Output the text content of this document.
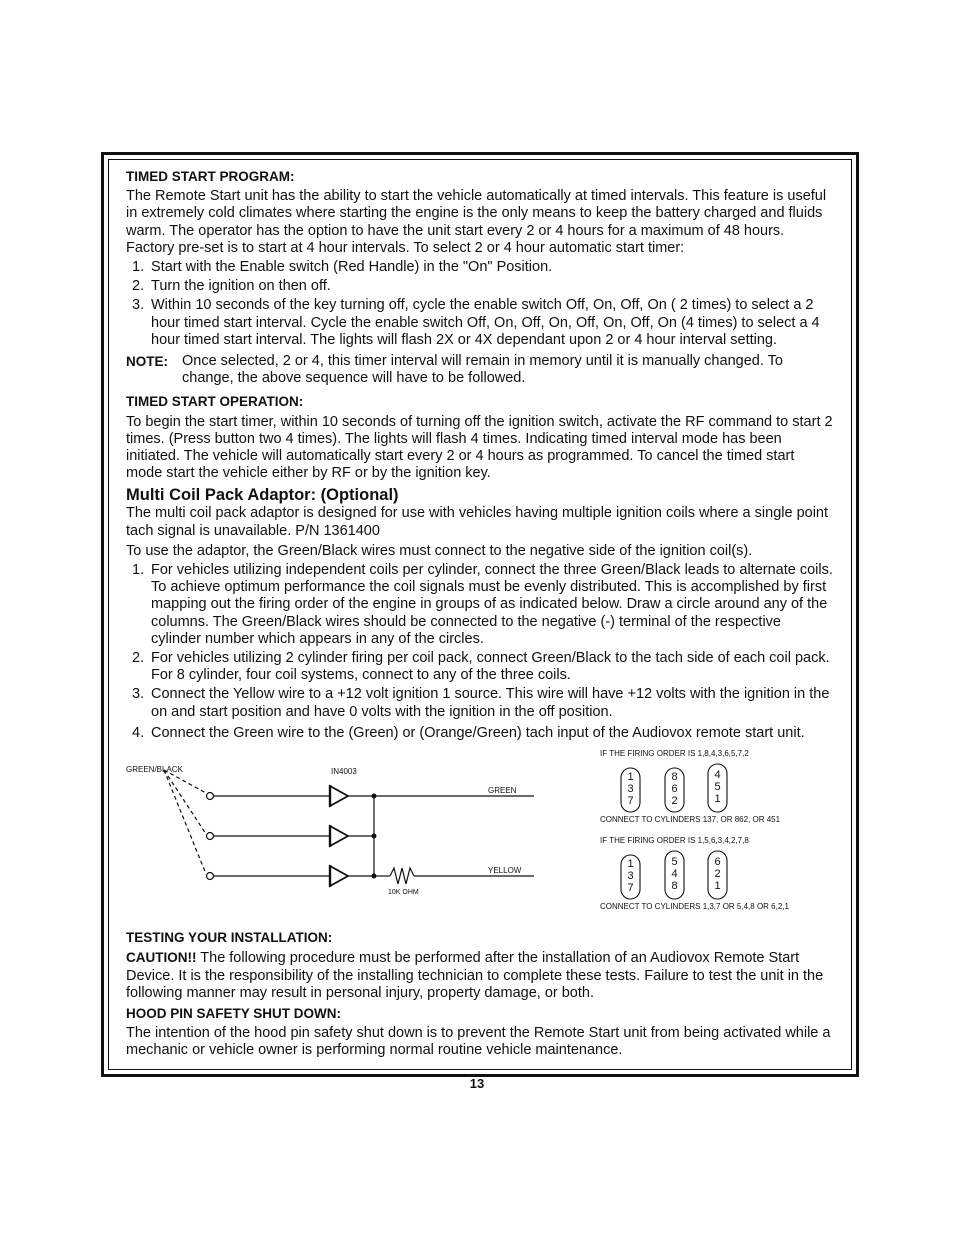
TIMED START PROGRAM:

The Remote Start unit has the ability to start the vehicle automatically at timed intervals. This feature is useful in extremely cold climates where starting the engine is the only means to keep the battery charged and fluids warm. The operator has the option to have the unit start every 2 or 4 hours for a maximum of 48 hours. Factory pre-set is to start at 4 hour intervals. To select 2 or 4 hour automatic start timer:

1. Start with the Enable switch (Red Handle) in the "On" Position.
2. Turn the ignition on then off.
3. Within 10 seconds of the key turning off, cycle the enable switch Off, On, Off, On ( 2 times) to select a 2 hour timed start interval. Cycle the enable switch Off, On, Off, On, Off, On, Off, On (4 times) to select a 4 hour timed start interval. The lights will flash 2X or 4X dependant upon 2 or 4 hour interval setting.
NOTE: Once selected, 2 or 4, this timer interval will remain in memory until it is manually changed. To change, the above sequence will have to be followed.

TIMED START OPERATION:

To begin the start timer, within 10 seconds of turning off the ignition switch, activate the RF command to start 2 times. (Press button two 4 times). The lights will flash 4 times. Indicating timed interval mode has been initiated. The vehicle will automatically start every 2 or 4 hours as programmed. To cancel the timed start mode start the vehicle either by RF or by the ignition key.

Multi Coil Pack Adaptor: (Optional)

The multi coil pack adaptor is designed for use with vehicles having multiple ignition coils where a single point tach signal is unavailable. P/N 1361400

To use the adaptor, the Green/Black wires must connect to the negative side of the ignition coil(s).

1. For vehicles utilizing independent coils per cylinder, connect the three Green/Black leads to alternate coils. To achieve optimum performance the coil signals must be evenly distributed. This is accomplished by first mapping out the firing order of the engine in groups of as indicated below. Draw a circle around any of the columns. The Green/Black wires should be connected to the negative (-) terminal of the respective cylinder number which appears in any of the circles.
2. For vehicles utilizing 2 cylinder firing per coil pack, connect Green/Black to the tach side of each coil pack. For 8 cylinder, four coil systems, connect to any of the three coils.
3. Connect the Yellow wire to a +12 volt ignition 1 source. This wire will have +12 volts with the ignition in the on and start position and have 0 volts with the ignition in the off position.
4. Connect the Green wire to the (Green) or (Orange/Green) tach input of the Audiovox remote start unit.
GREEN/BLACK	IN4003
GREEN
YELLOW
10K OHM
IF THE FIRING ORDER IS 1,8,4,3,6,5,7,2
CONNECT TO CYLINDERS 137, OR 862, OR 451
IF THE FIRING ORDER IS 1,5,6,3,4,2,7,8
CONNECT TO CYLINDERS 1,3,7 OR 5,4,8 OR 6,2,1
1
3
7
8
6
2
4
5
1
1
3
7
5
4
8
6
2
1

TESTING YOUR INSTALLATION:

CAUTION!! The following procedure must be performed after the installation of an Audiovox Remote Start Device. It is the responsibility of the installing technician to complete these tests. Failure to test the unit in the following manner may result in personal injury, property damage, or both.

HOOD PIN SAFETY SHUT DOWN:

The intention of the hood pin safety shut down is to prevent the Remote Start unit from being activated while a mechanic or vehicle owner is performing normal routine vehicle maintenance.

13
